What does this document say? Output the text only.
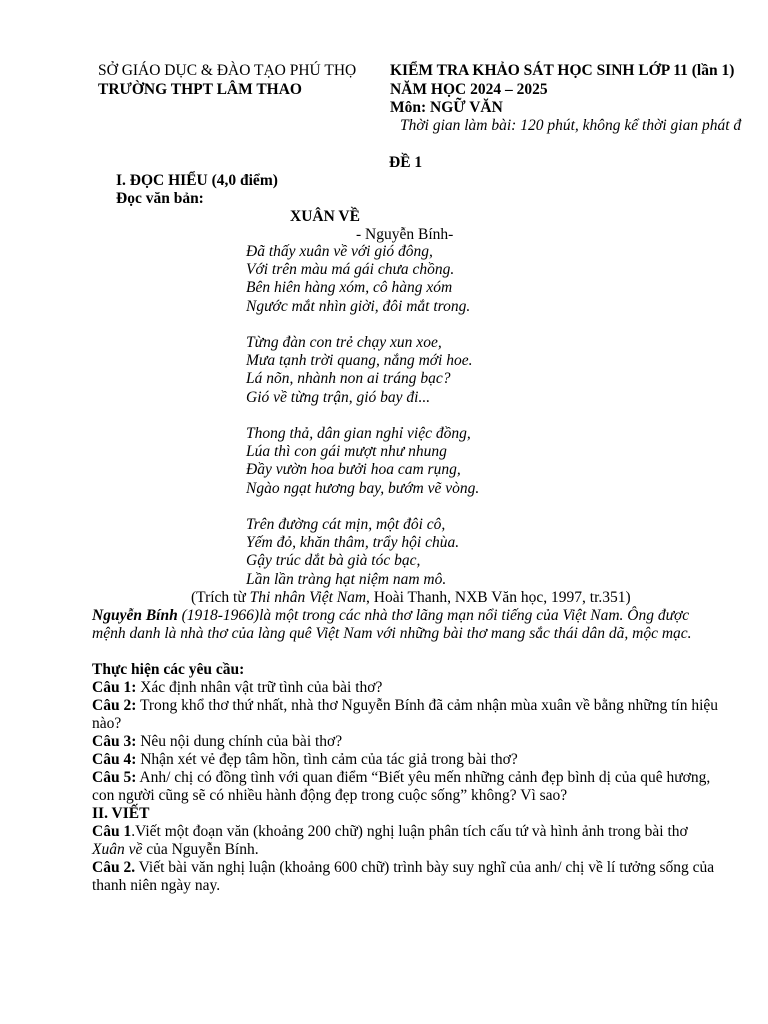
SỞ GIÁO DỤC & ĐÀO TẠO PHÚ THỌ
TRƯỜNG THPT LÂM THAO
KIỂM TRA KHẢO SÁT HỌC SINH LỚP 11 (lần 1)
NĂM HỌC 2024 – 2025
Môn: NGỮ VĂN
Thời gian làm bài: 120 phút, không kể thời gian phát đ
ĐỀ 1
I. ĐỌC HIỂU (4,0 điểm)
Đọc văn bản:
XUÂN VỀ
- Nguyễn Bính-
Đã thấy xuân về với gió đông,
Với trên màu má gái chưa chồng.
Bên hiên hàng xóm, cô hàng xóm
Ngước mắt nhìn giời, đôi mắt trong.
Từng đàn con trẻ chạy xun xoe,
Mưa tạnh trời quang, nắng mới hoe.
Lá nõn, nhành non ai tráng bạc?
Gió về từng trận, gió bay đi...
Thong thả, dân gian nghỉ việc đồng,
Lúa thì con gái mượt như nhung
Đầy vườn hoa bưởi hoa cam rụng,
Ngào ngạt hương bay, bướm vẽ vòng.
Trên đường cát mịn, một đôi cô,
Yếm đỏ, khăn thâm, trẩy hội chùa.
Gậy trúc dắt bà già tóc bạc,
Lần lần tràng hạt niệm nam mô.
(Trích từ Thi nhân Việt Nam, Hoài Thanh, NXB Văn học, 1997, tr.351)

Nguyễn Bính (1918-1966)là một trong các nhà thơ lãng mạn nổi tiếng của Việt Nam. Ông được mệnh danh là nhà thơ của làng quê Việt Nam với những bài thơ mang sắc thái dân dã, mộc mạc.

Thực hiện các yêu cầu:

Câu 1: Xác định nhân vật trữ tình của bài thơ?

Câu 2: Trong khổ thơ thứ nhất, nhà thơ Nguyễn Bính đã cảm nhận mùa xuân về bằng những tín hiệu nào?

Câu 3: Nêu nội dung chính của bài thơ?

Câu 4: Nhận xét vẻ đẹp tâm hồn, tình cảm của tác giả trong bài thơ?

Câu 5: Anh/ chị có đồng tình với quan điểm “Biết yêu mến những cảnh đẹp bình dị của quê hương, con người cũng sẽ có nhiều hành động đẹp trong cuộc sống” không? Vì sao?

II. VIẾT

Câu 1.Viết một đoạn văn (khoảng 200 chữ) nghị luận phân tích cấu tứ và hình ảnh trong bài thơ Xuân về của Nguyễn Bính.

Câu 2. Viết bài văn nghị luận (khoảng 600 chữ) trình bày suy nghĩ của anh/ chị về lí tưởng sống của thanh niên ngày nay.
